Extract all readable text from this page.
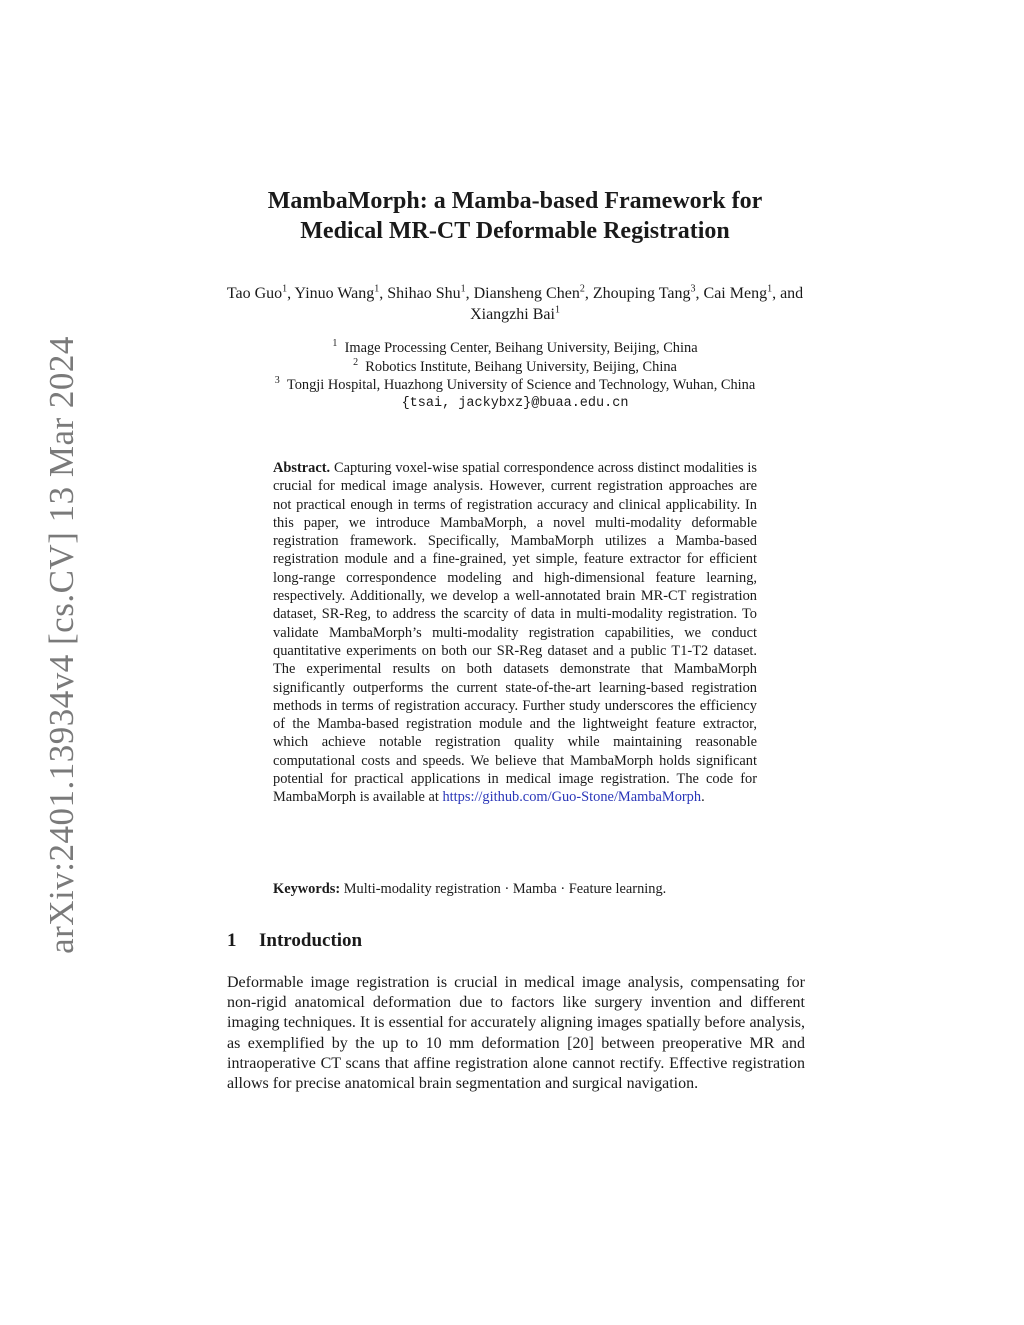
arXiv:2401.13934v4 [cs.CV] 13 Mar 2024
MambaMorph: a Mamba-based Framework for
Medical MR-CT Deformable Registration
Tao Guo$^1$, Yinuo Wang$^1$, Shihao Shu$^1$, Diansheng Chen$^2$, Zhouping Tang$^3$, Cai Meng$^1$, and Xiangzhi Bai$^1$
$^1$ Image Processing Center, Beihang University, Beijing, China
$^2$ Robotics Institute, Beihang University, Beijing, China
$^3$ Tongji Hospital, Huazhong University of Science and Technology, Wuhan, China
{tsai, jackybxz}@buaa.edu.cn

Abstract. Capturing voxel-wise spatial correspondence across distinct modalities is crucial for medical image analysis. However, current registration approaches are not practical enough in terms of registration accuracy and clinical applicability. In this paper, we introduce MambaMorph, a novel multi-modality deformable registration framework. Specifically, MambaMorph utilizes a Mamba-based registration module and a fine-grained, yet simple, feature extractor for efficient long-range correspondence modeling and high-dimensional feature learning, respectively. Additionally, we develop a well-annotated brain MR-CT registration dataset, SR-Reg, to address the scarcity of data in multi-modality registration. To validate MambaMorph’s multi-modality registration capabilities, we conduct quantitative experiments on both our SR-Reg dataset and a public T1-T2 dataset. The experimental results on both datasets demonstrate that MambaMorph significantly outperforms the current state-of-the-art learning-based registration methods in terms of registration accuracy. Further study underscores the efficiency of the Mamba-based registration module and the lightweight feature extractor, which achieve notable registration quality while maintaining reasonable computational costs and speeds. We believe that MambaMorph holds significant potential for practical applications in medical image registration. The code for MambaMorph is available at https://github.com/Guo-Stone/MambaMorph.

Keywords: Multi-modality registration · Mamba · Feature learning.
1 Introduction

Deformable image registration is crucial in medical image analysis, compensating for non-rigid anatomical deformation due to factors like surgery invention and different imaging techniques. It is essential for accurately aligning images spatially before analysis, as exemplified by the up to 10 mm deformation [20] between preoperative MR and intraoperative CT scans that affine registration alone cannot rectify. Effective registration allows for precise anatomical brain segmentation and surgical navigation.
